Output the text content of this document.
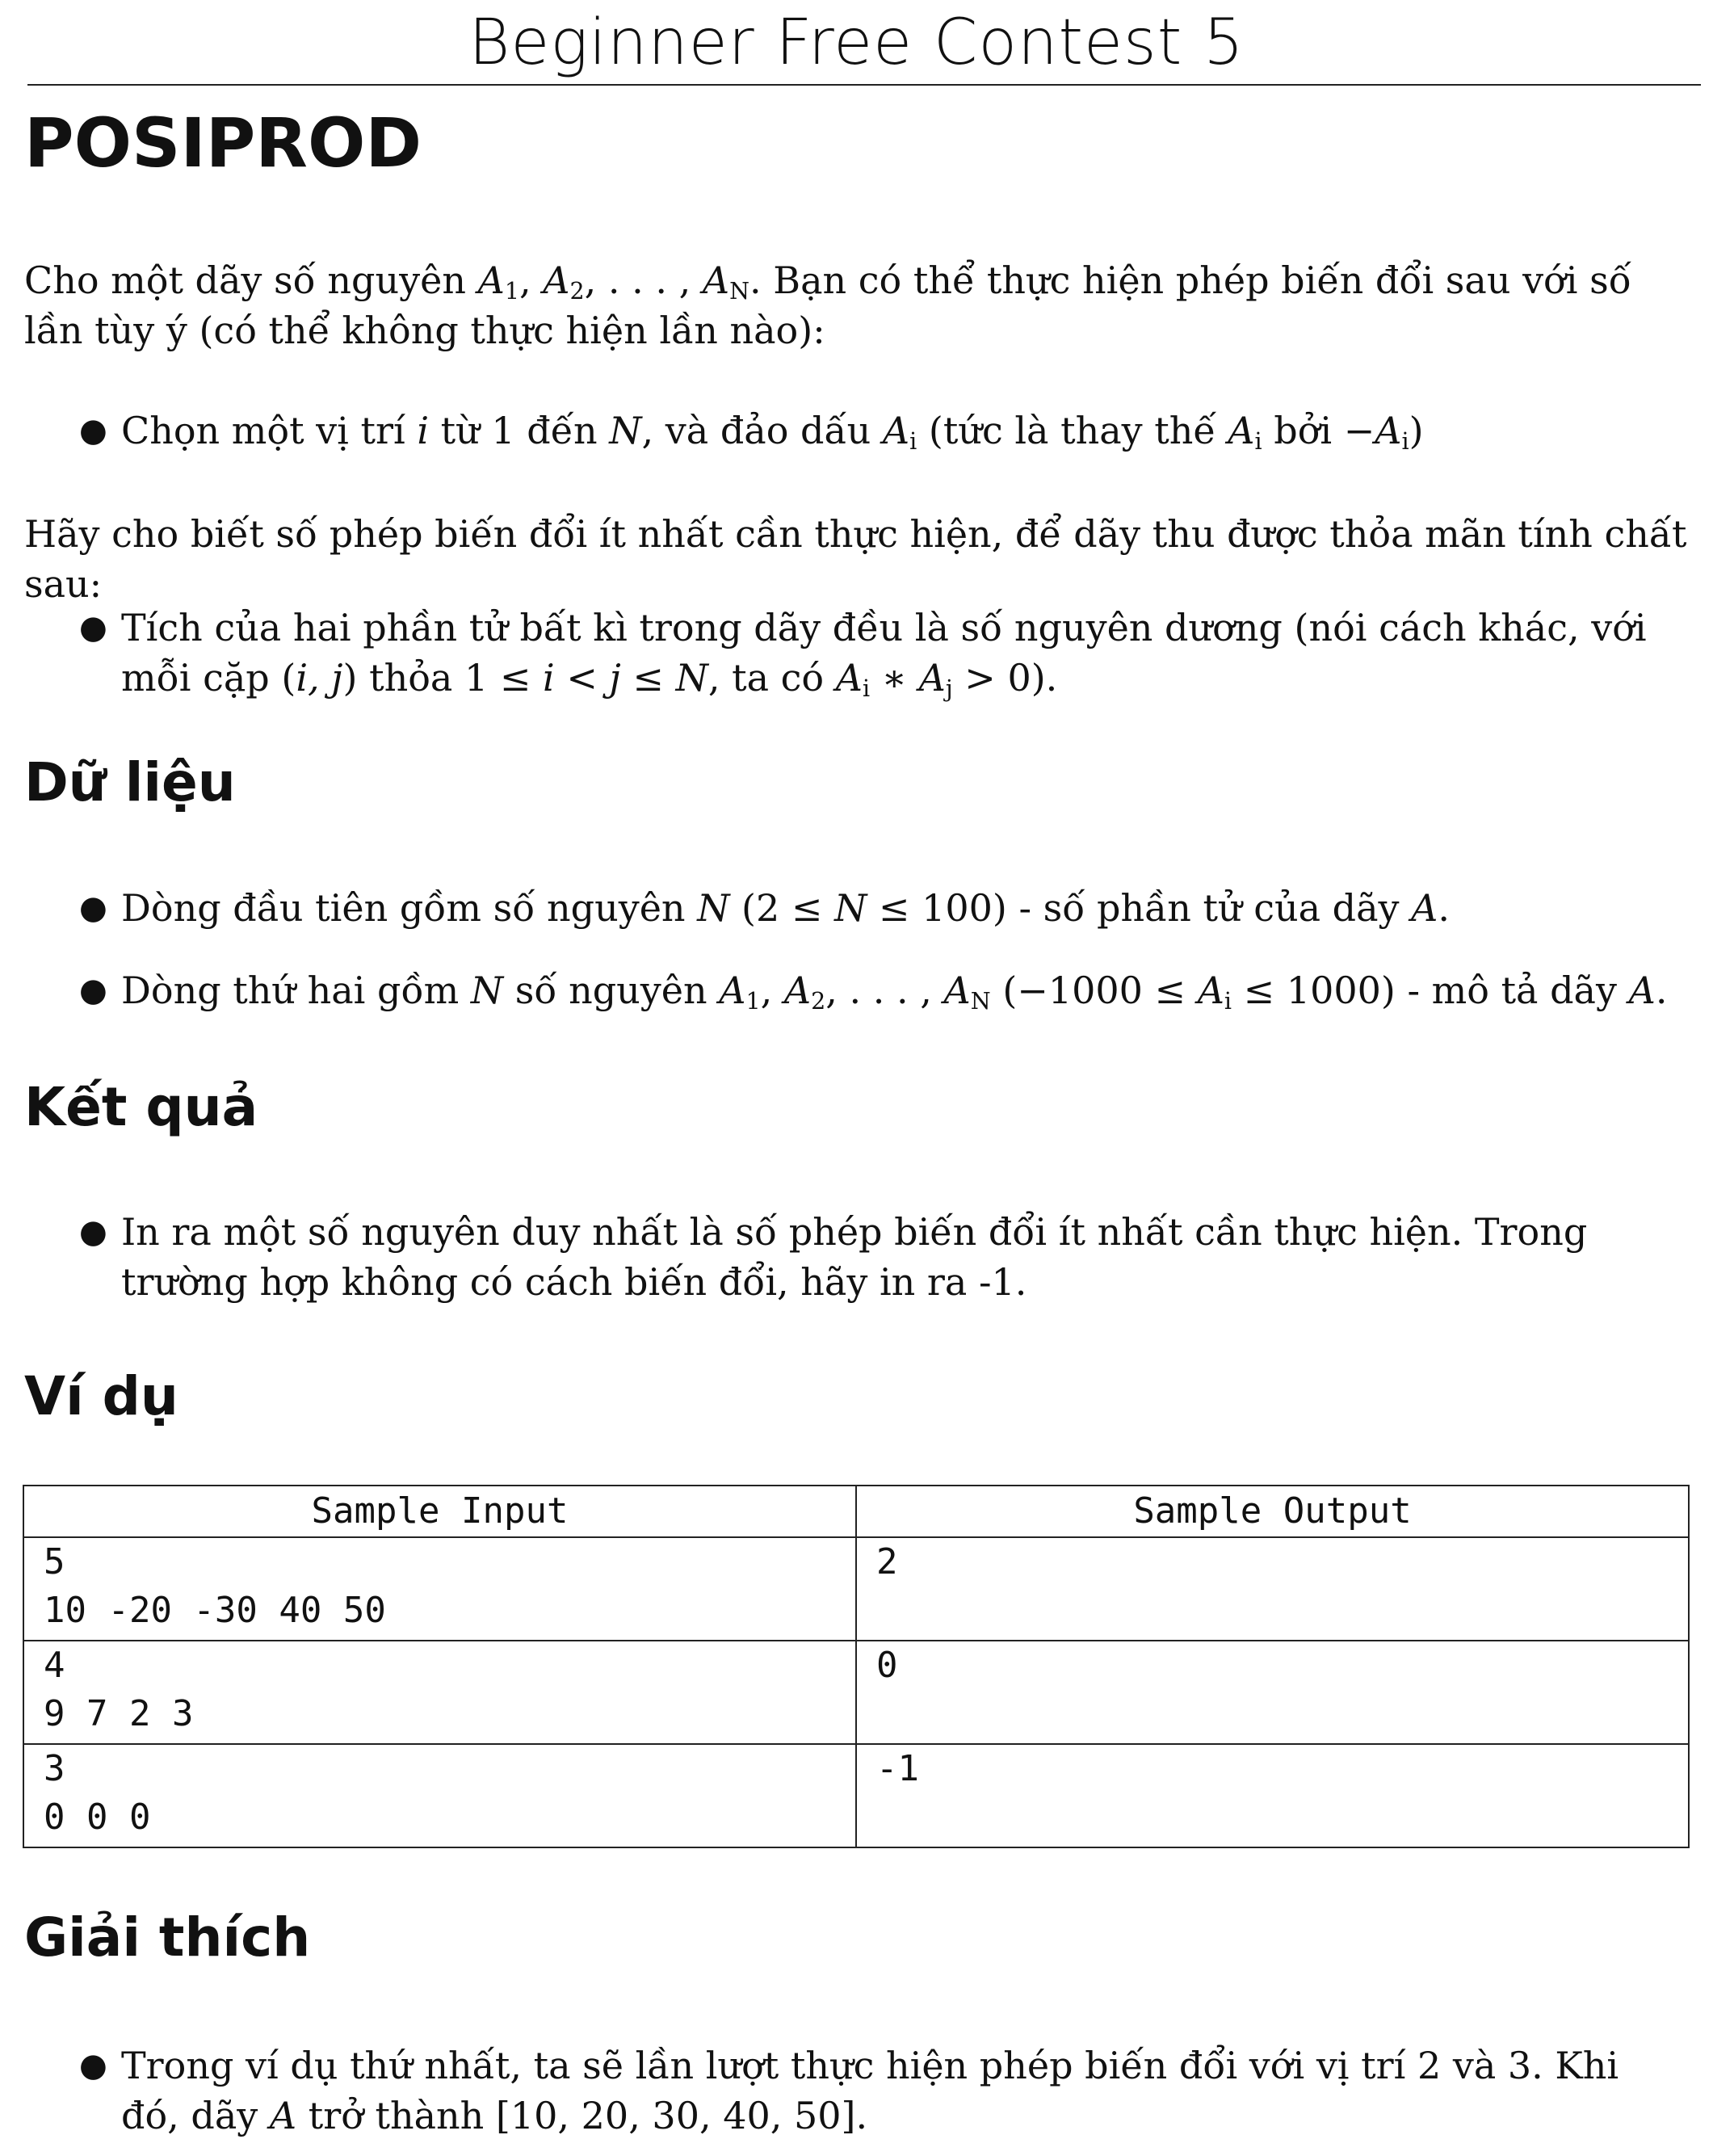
Beginner Free Contest 5
POSIPROD

Cho một dãy số nguyên $A_1$, $A_2$, . . . , $A_N$. Bạn có thể thực hiện phép biến đổi sau với số lần tùy ý (có thể không thực hiện lần nào):

● Chọn một vị trí i từ 1 đến N, và đảo dấu $A_i$ (tức là thay thế $A_i$ bởi $-A_i$)

Hãy cho biết số phép biến đổi ít nhất cần thực hiện, để dãy thu được thỏa mãn tính chất sau:

● Tích của hai phần tử bất kì trong dãy đều là số nguyên dương (nói cách khác, với mỗi cặp (i, j) thỏa 1 ≤ i < j ≤ N, ta có $A_i$ ∗ $A_j > 0$).
Dữ liệu
● Dòng đầu tiên gồm số nguyên N (2 ≤ N ≤ 100) - số phần tử của dãy A.
● Dòng thứ hai gồm N số nguyên $A_1$, $A_2$, . . . , $A_N$ $(-1000 \le A_i \le 1000)$ - mô tả dãy A.
Kết quả
● In ra một số nguyên duy nhất là số phép biến đổi ít nhất cần thực hiện. Trong trường hợp không có cách biến đổi, hãy in ra -1.
Ví dụ
Sample Input	Sample Output

5
10 -20 -30 40 50	2

4
9 7 2 3	0

3
0 0 0	-1
Giải thích
● Trong ví dụ thứ nhất, ta sẽ lần lượt thực hiện phép biến đổi với vị trí 2 và 3. Khi đó, dãy A trở thành [10, 20, 30, 40, 50].
